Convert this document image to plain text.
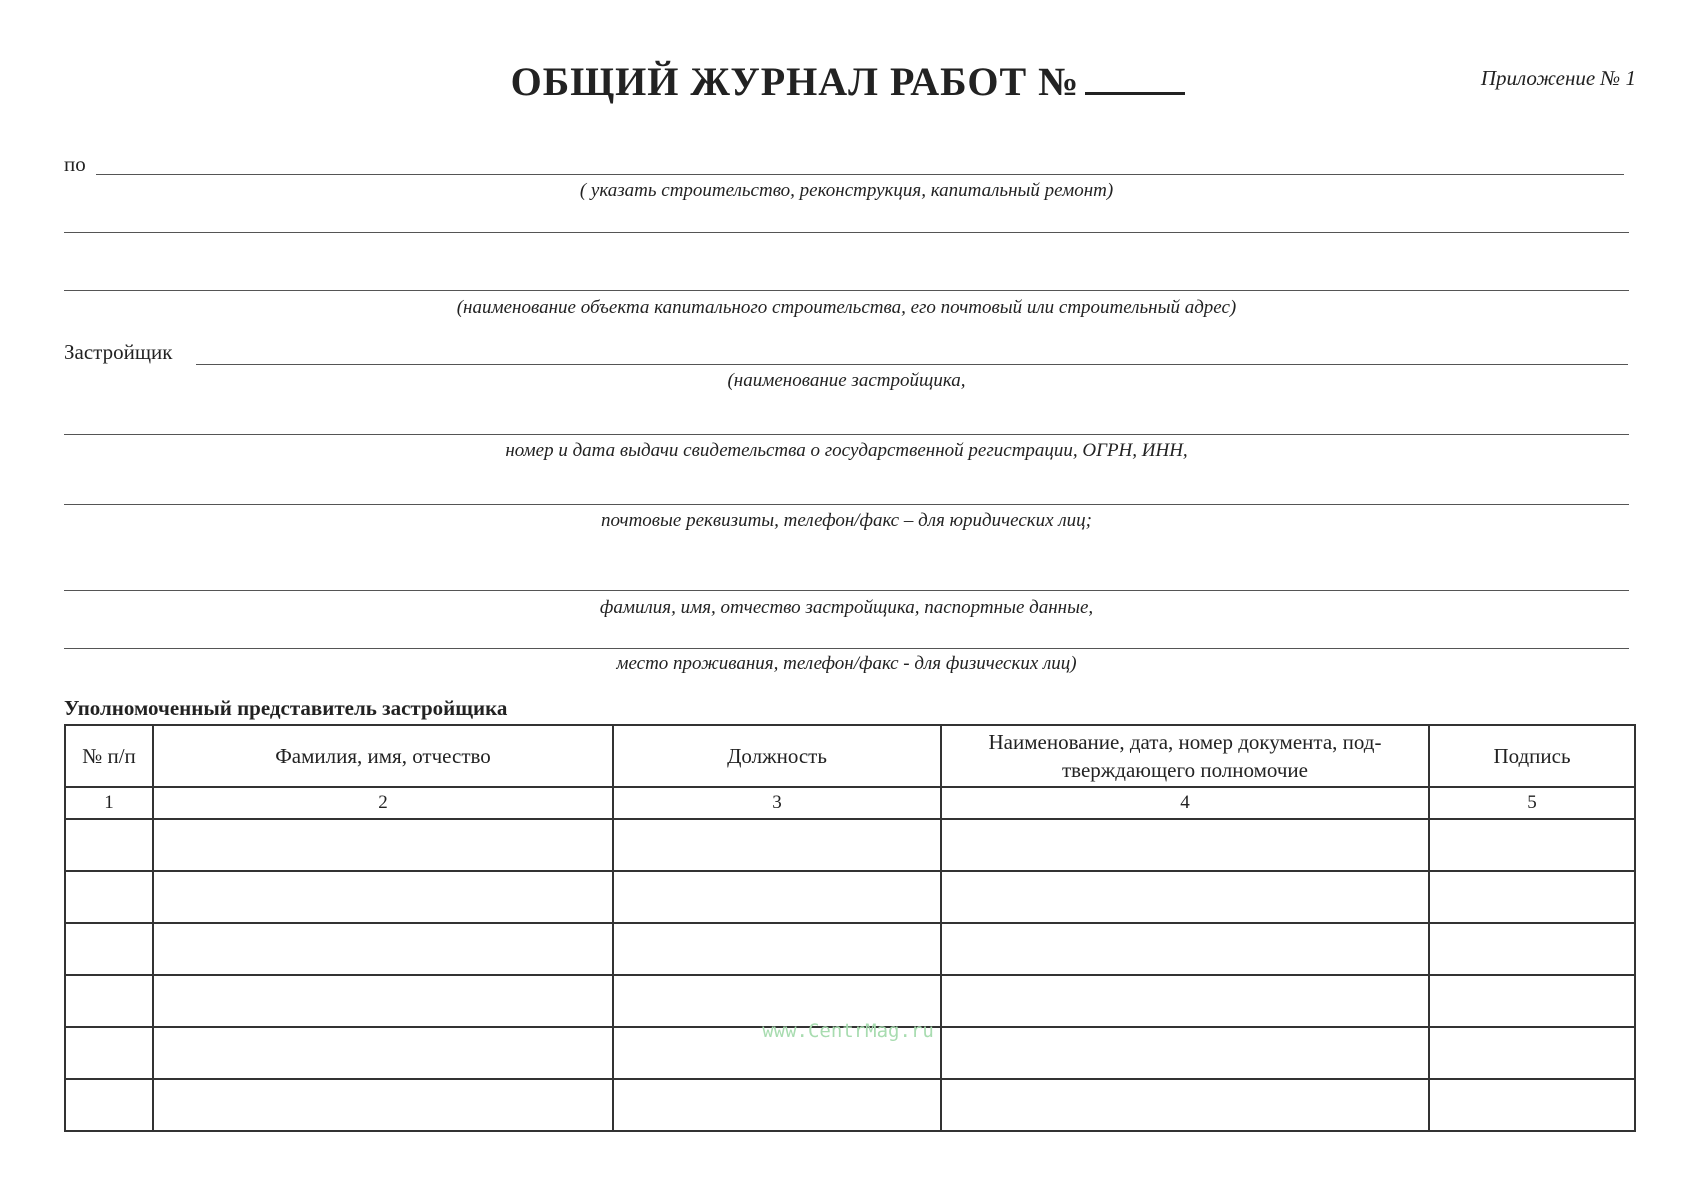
ОБЩИЙ ЖУРНАЛ РАБОТ №	Приложение № 1
по
( указать строительство, реконструкция, капитальный ремонт)
(наименование объекта капитального строительства, его почтовый или строительный адрес)
Застройщик
(наименование застройщика,
номер и дата выдачи свидетельства о государственной регистрации, ОГРН, ИНН,
почтовые реквизиты, телефон/факс – для юридических лиц;
фамилия, имя, отчество застройщика, паспортные данные,
место проживания, телефон/факс - для физических лиц)
Уполномоченный представитель застройщика
№ п/п	Фамилия, имя, отчество	Должность	Наименование, дата, номер документа, под-тверждающего полномочие	Подпись
1	2	3	4	5

www.CentrMag.ru
